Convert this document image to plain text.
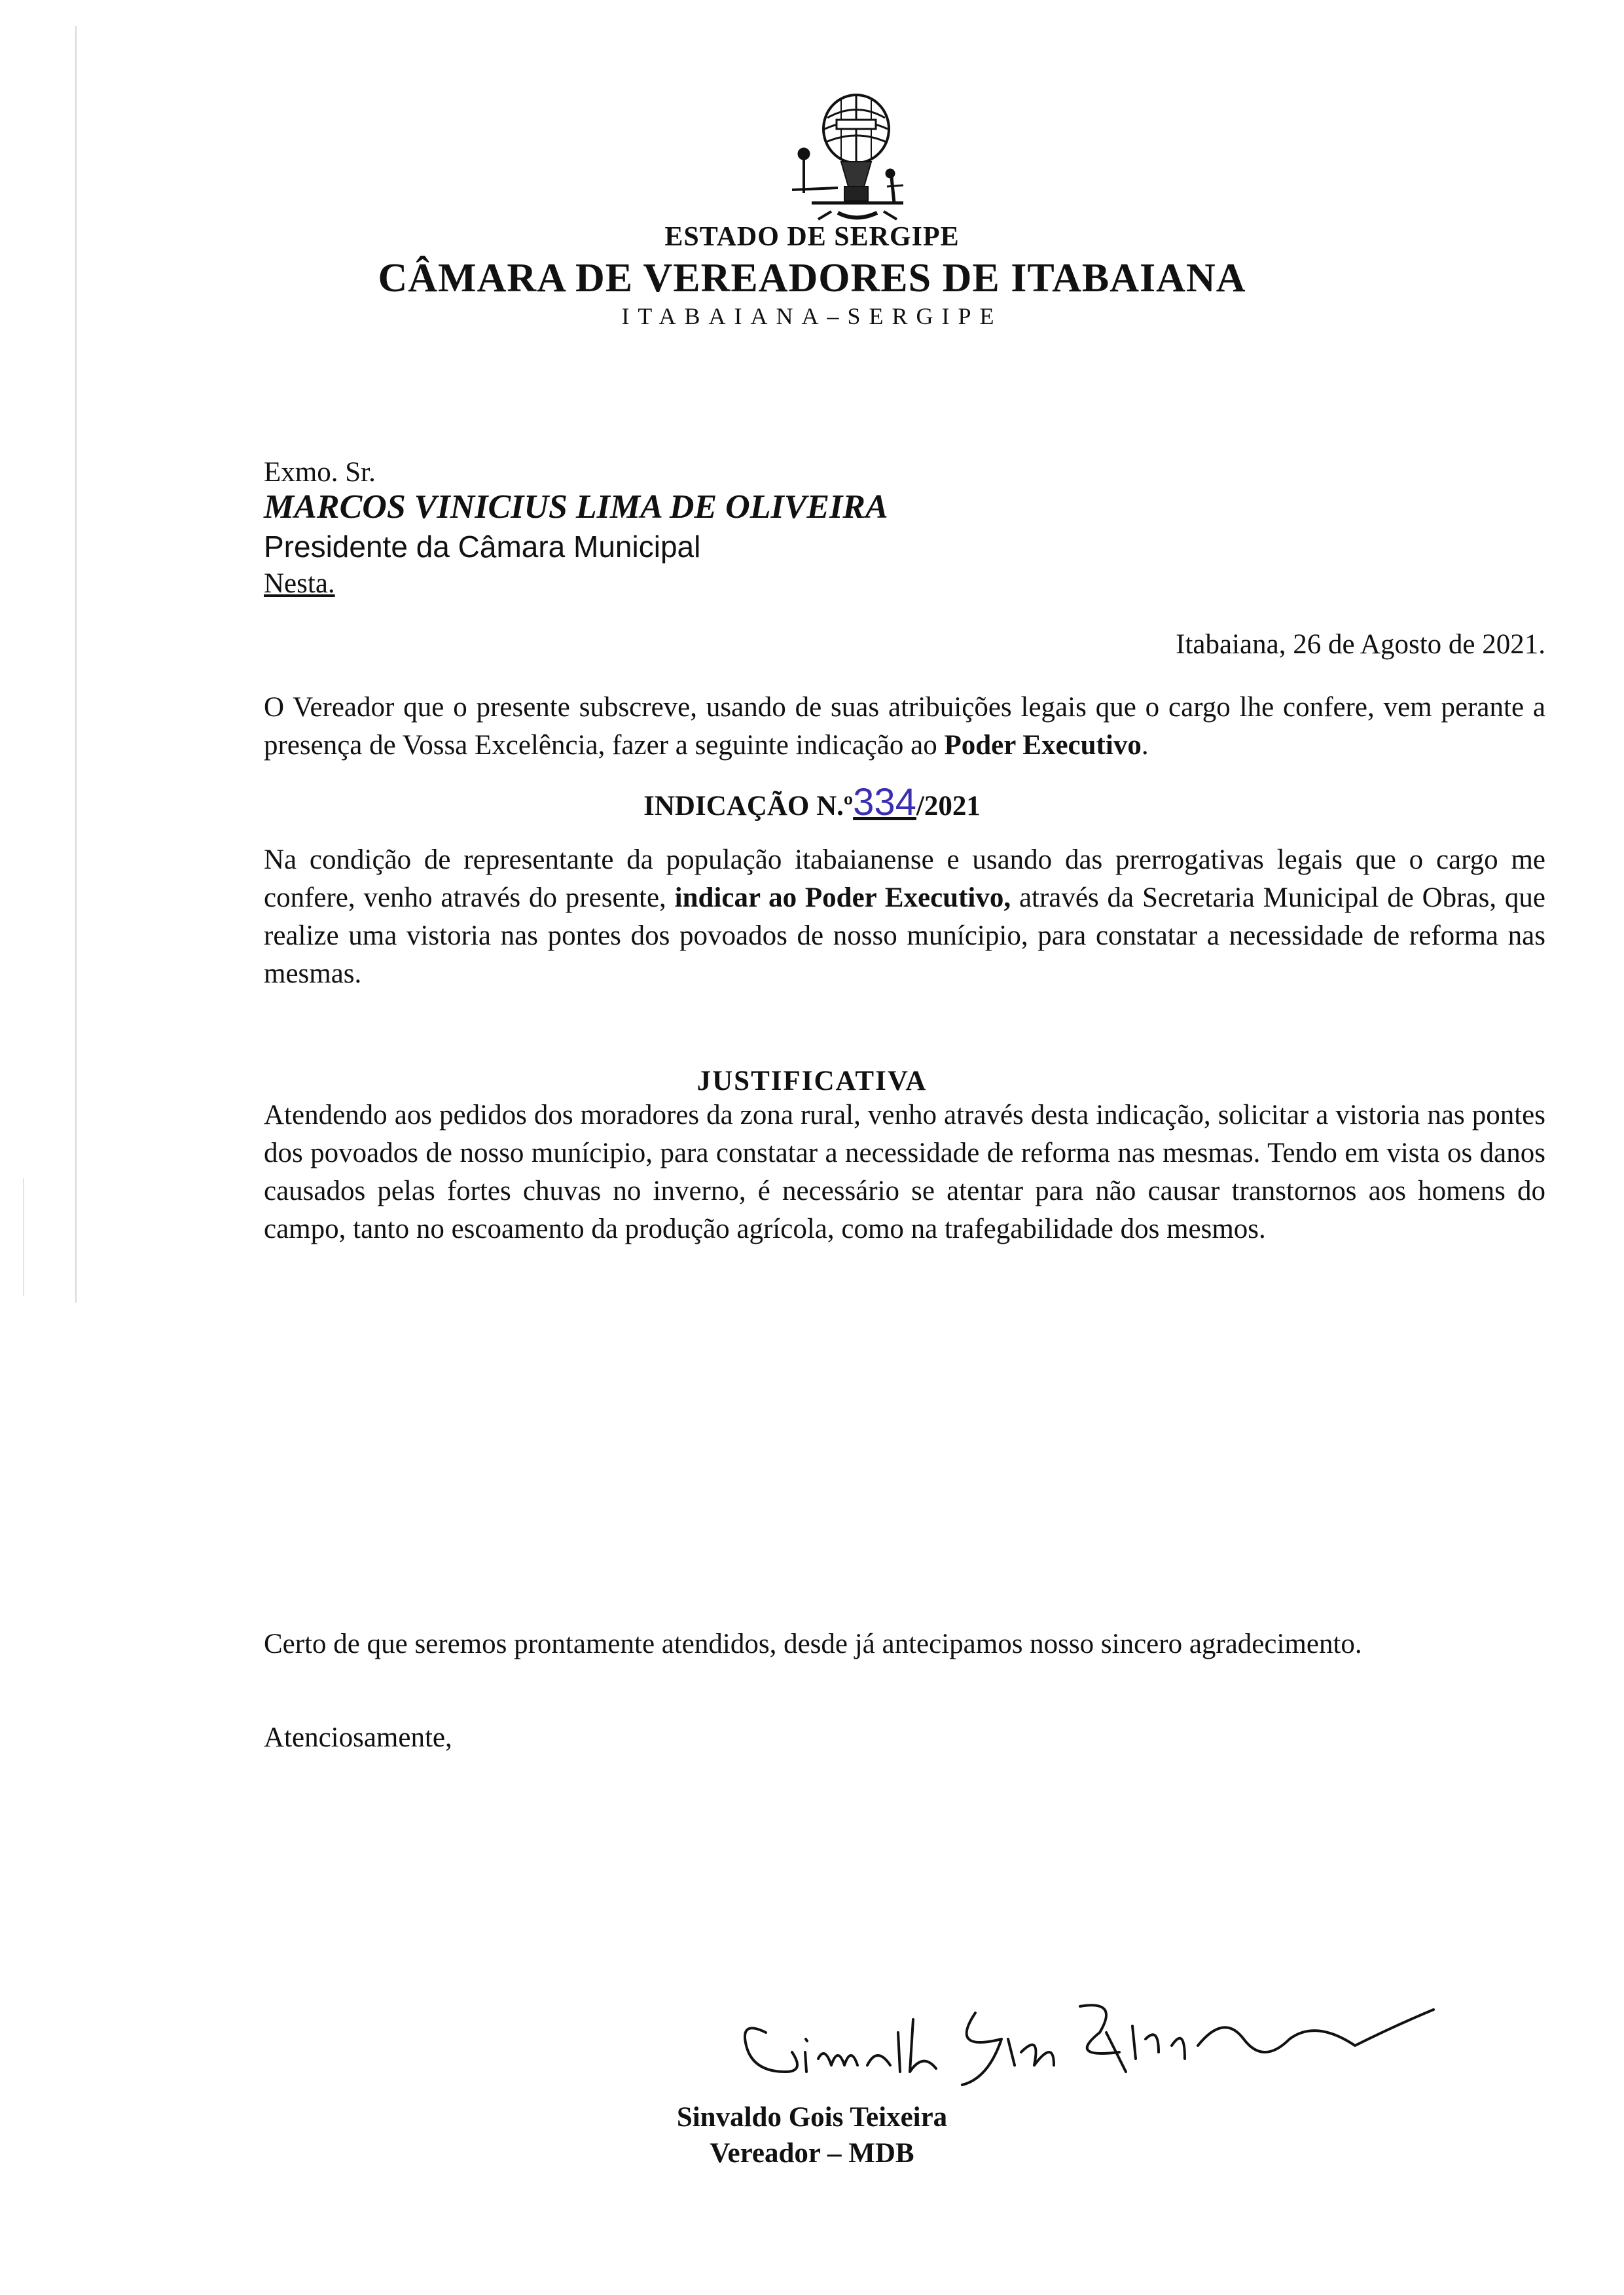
ESTADO DE SERGIPE
CÂMARA DE VEREADORES DE ITABAIANA
ITABAIANA–SERGIPE
Exmo. Sr.
MARCOS VINICIUS LIMA DE OLIVEIRA
Presidente da Câmara Municipal
Nesta.
Itabaiana, 26 de Agosto de 2021.
O Vereador que o presente subscreve, usando de suas atribuições legais que o cargo lhe confere, vem perante a presença de Vossa Excelência, fazer a seguinte indicação ao Poder Executivo.
INDICAÇÃO N.º334/2021
Na condição de representante da população itabaianense e usando das prerrogativas legais que o cargo me confere, venho através do presente, indicar ao Poder Executivo, através da Secretaria Municipal de Obras, que realize uma vistoria nas pontes dos povoados de nosso munícipio, para constatar a necessidade de reforma nas mesmas.
JUSTIFICATIVA
Atendendo aos pedidos dos moradores da zona rural, venho através desta indicação, solicitar a vistoria nas pontes dos povoados de nosso munícipio, para constatar a necessidade de reforma nas mesmas. Tendo em vista os danos causados pelas fortes chuvas no inverno, é necessário se atentar para não causar transtornos aos homens do campo, tanto no escoamento da produção agrícola, como na trafegabilidade dos mesmos.
Certo de que seremos prontamente atendidos, desde já antecipamos nosso sincero agradecimento.
Atenciosamente,
Sinvaldo Gois Teixeira
Vereador – MDB
